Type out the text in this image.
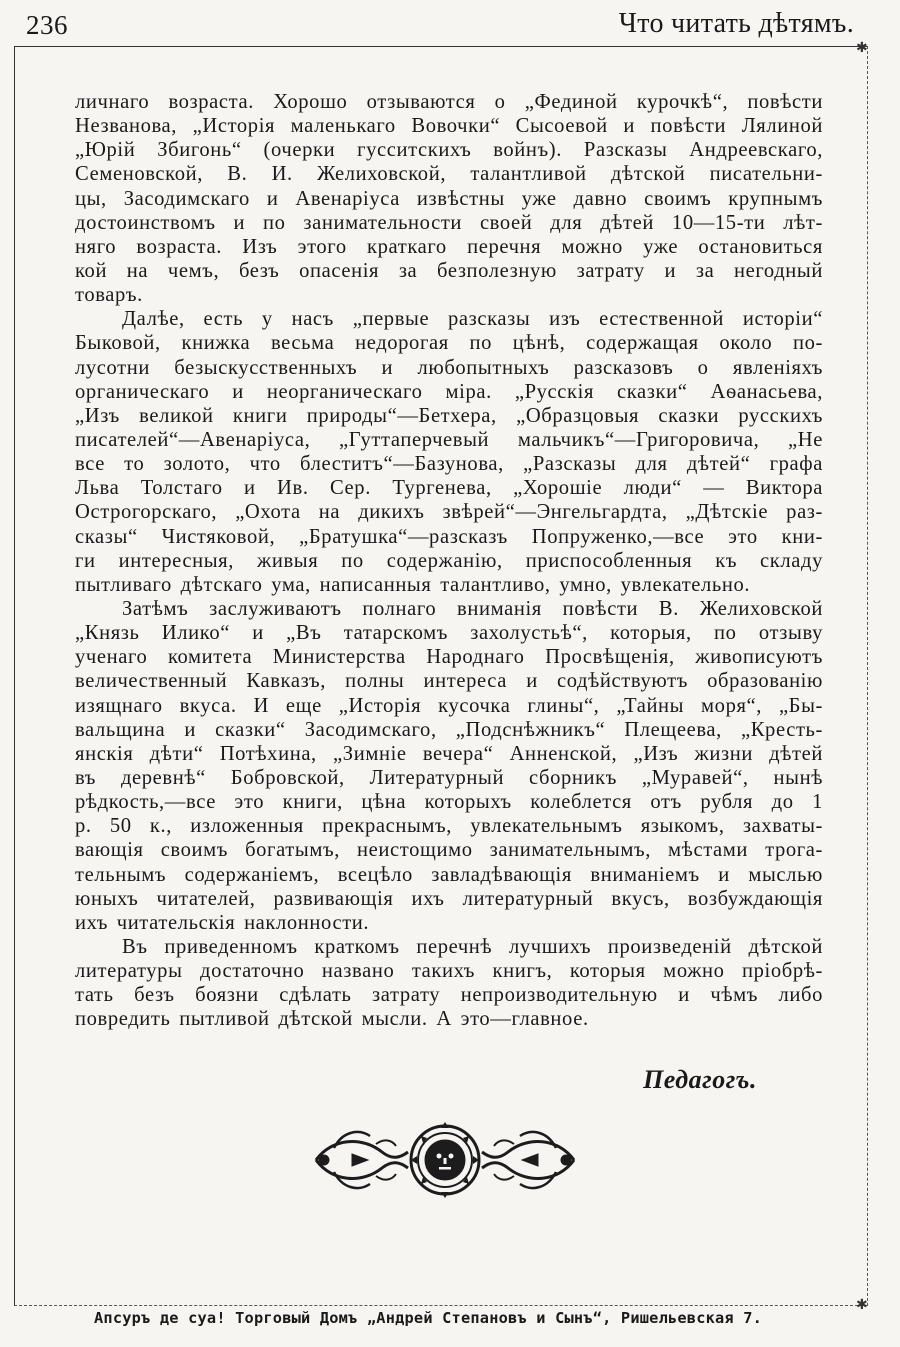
236	Что читать дѣтямъ.
✱
✱
личнаго возраста. Хорошо отзываются о „Фединой курочкѣ“, повѣсти
Незванова, „Исторія маленькаго Вовочки“ Сысоевой и повѣсти Лялиной
„Юрій Збигонь“ (очерки гусситскихъ войнъ). Разсказы Андреевскаго,
Семеновской, В. И. Желиховской, талантливой дѣтской писательни-
цы, Засодимскаго и Авенаріуса извѣстны уже давно своимъ крупнымъ
достоинствомъ и по занимательности своей для дѣтей 10—15-ти лѣт-
няго возраста. Изъ этого краткаго перечня можно уже остановиться
кой на чемъ, безъ опасенія за безполезную затрату и за негодный
товаръ.
Далѣе, есть у насъ „первые разсказы изъ естественной исторіи“
Быковой, книжка весьма недорогая по цѣнѣ, содержащая около по-
лусотни безыскусственныхъ и любопытныхъ разсказовъ о явленіяхъ
органическаго и неорганическаго міра. „Русскія сказки“ Аѳанасьева,
„Изъ великой книги природы“—Бетхера, „Образцовыя сказки русскихъ
писателей“—Авенаріуса, „Гуттаперчевый мальчикъ“—Григоровича, „Не
все то золото, что блеститъ“—Базунова, „Разсказы для дѣтей“ графа
Льва Толстаго и Ив. Сер. Тургенева, „Хорошіе люди“ — Виктора
Острогорскаго, „Охота на дикихъ звѣрей“—Энгельгардта, „Дѣтскіе раз-
сказы“ Чистяковой, „Братушка“—разсказъ Попруженко,—все это кни-
ги интересныя, живыя по содержанію, приспособленныя къ складу
пытливаго дѣтскаго ума, написанныя талантливо, умно, увлекательно.
Затѣмъ заслуживаютъ полнаго вниманія повѣсти В. Желиховской
„Князь Илико“ и „Въ татарскомъ захолустьѣ“, которыя, по отзыву
ученаго комитета Министерства Народнаго Просвѣщенія, живописуютъ
величественный Кавказъ, полны интереса и содѣйствуютъ образованію
изящнаго вкуса. И еще „Исторія кусочка глины“, „Тайны моря“, „Бы-
вальщина и сказки“ Засодимскаго, „Подснѣжникъ“ Плещеева, „Кресть-
янскія дѣти“ Потѣхина, „Зимніе вечера“ Анненской, „Изъ жизни дѣтей
въ деревнѣ“ Бобровской, Литературный сборникъ „Муравей“, нынѣ
рѣдкость,—все это книги, цѣна которыхъ колеблется отъ рубля до 1
р. 50 к., изложенныя прекраснымъ, увлекательнымъ языкомъ, захваты-
вающія своимъ богатымъ, неистощимо занимательнымъ, мѣстами трога-
тельнымъ содержаніемъ, всецѣло завладѣвающія вниманіемъ и мыслью
юныхъ читателей, развивающія ихъ литературный вкусъ, возбуждающія
ихъ читательскія наклонности.
Въ приведенномъ краткомъ перечнѣ лучшихъ произведеній дѣтской
литературы достаточно названо такихъ книгъ, которыя можно пріобрѣ-
тать безъ боязни сдѣлать затрату непроизводительную и чѣмъ либо
повредить пытливой дѣтской мысли. А это—главное.
Педагогъ.
Апсуръ де суа! Торговый Домъ „Андрей Степановъ и Сынъ“, Ришельевская 7.
